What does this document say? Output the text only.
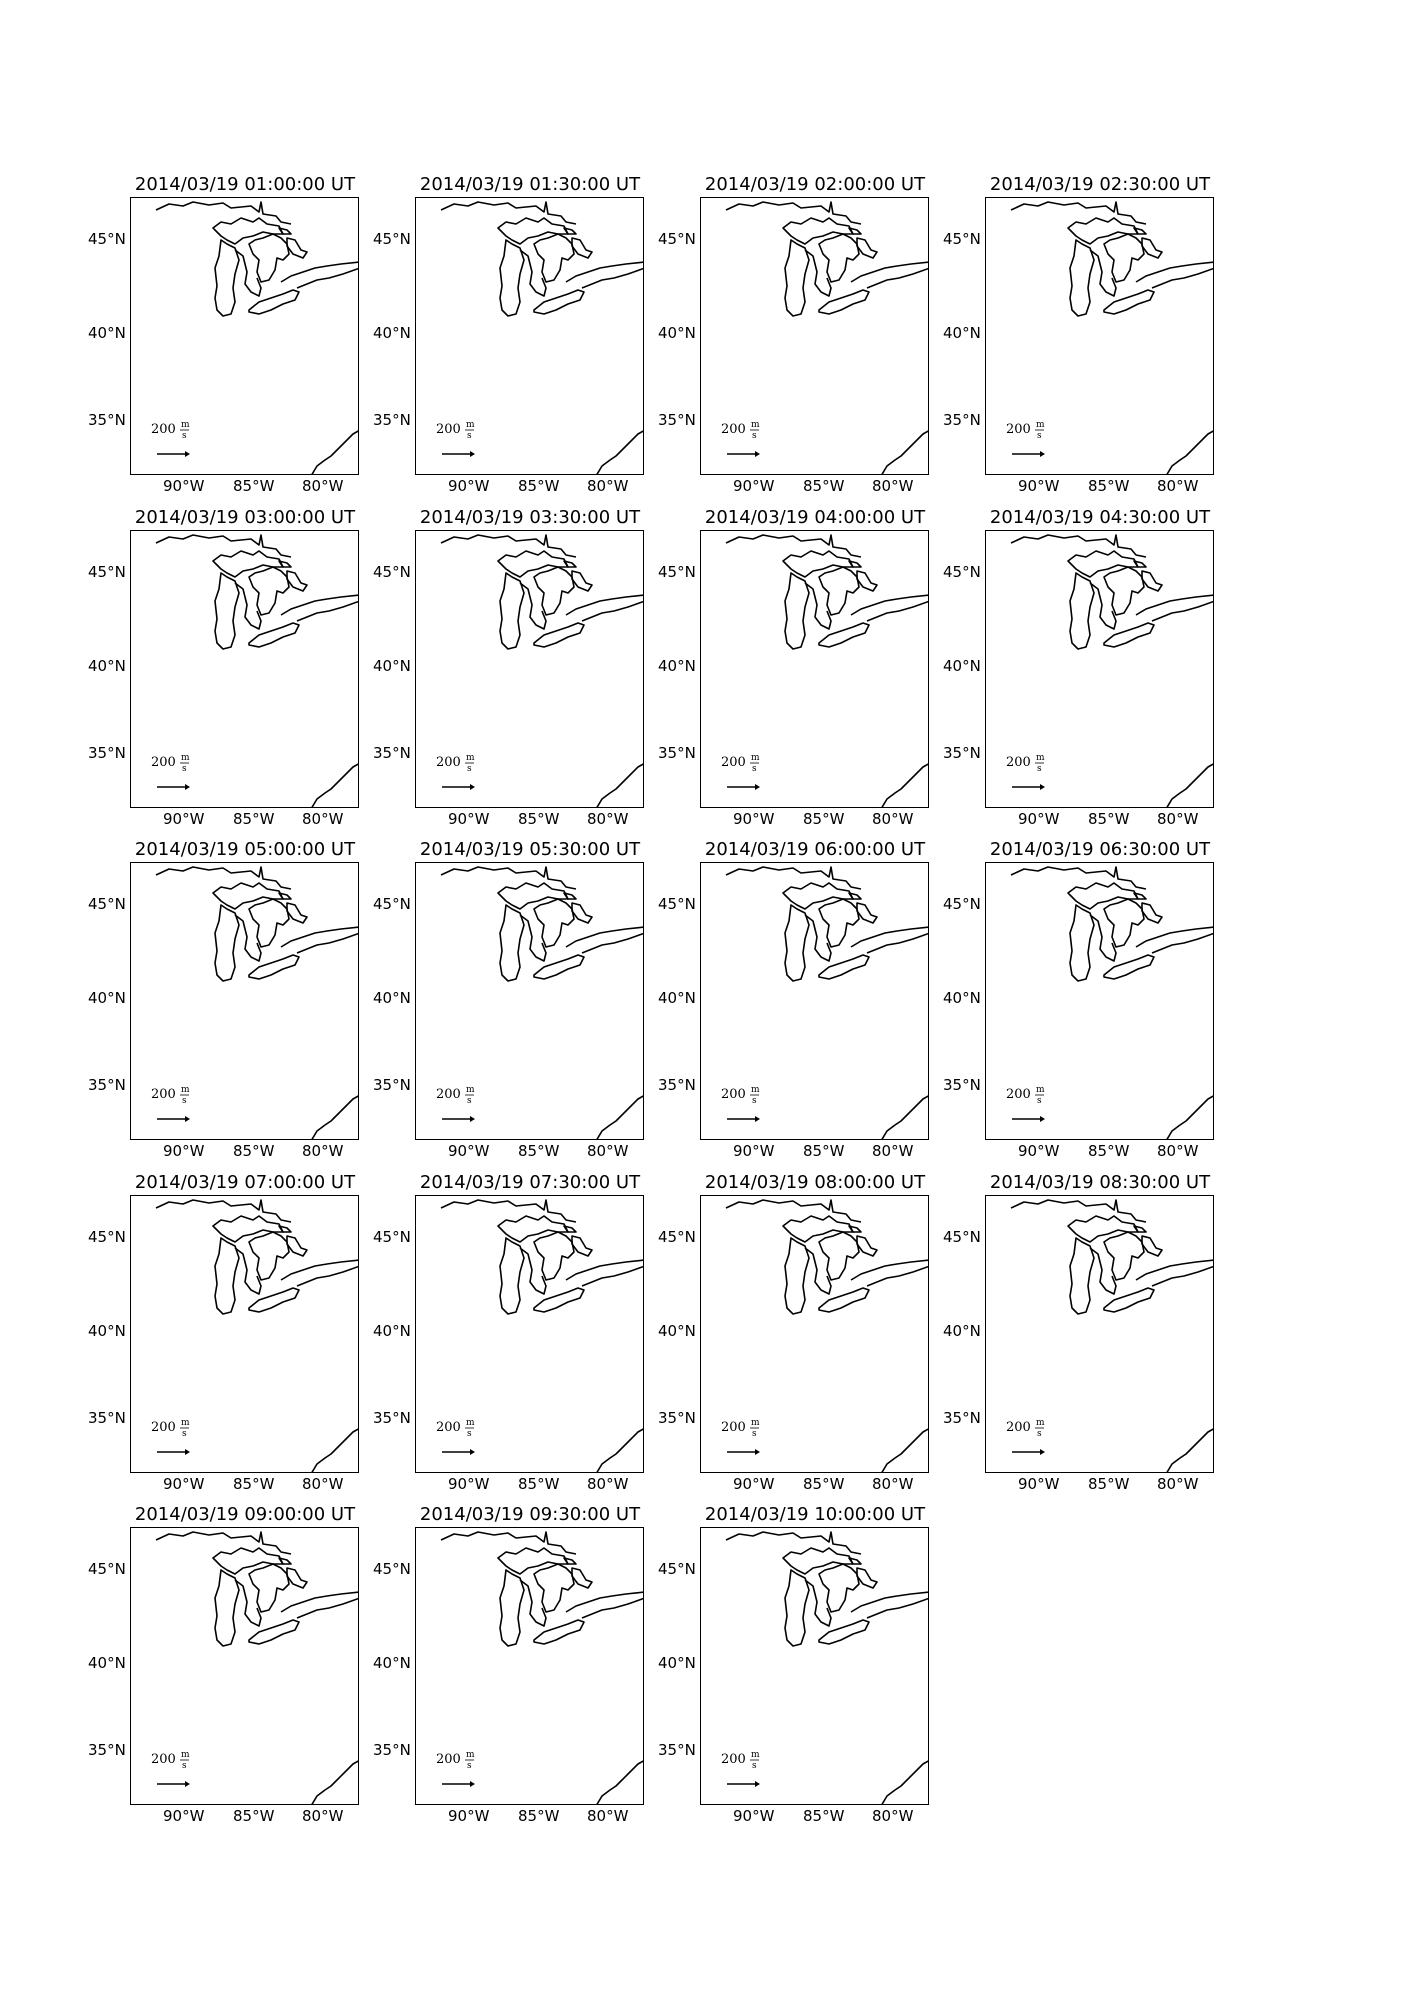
2014/03/19 01:00:00 UT
200 m
s
45°N
40°N
35°N
90°W 85°W 80°W
2014/03/19 01:30:00 UT
200 m
s
45°N
40°N
35°N
90°W 85°W 80°W
2014/03/19 02:00:00 UT
200 m
s
45°N
40°N
35°N
90°W 85°W 80°W
2014/03/19 02:30:00 UT
200 m
s
45°N
40°N
35°N
90°W 85°W 80°W
2014/03/19 03:00:00 UT
200 m
s
45°N
40°N
35°N
90°W 85°W 80°W
2014/03/19 03:30:00 UT
200 m
s
45°N
40°N
35°N
90°W 85°W 80°W
2014/03/19 04:00:00 UT
200 m
s
45°N
40°N
35°N
90°W 85°W 80°W
2014/03/19 04:30:00 UT
200 m
s
45°N
40°N
35°N
90°W 85°W 80°W
2014/03/19 05:00:00 UT
200 m
s
45°N
40°N
35°N
90°W 85°W 80°W
2014/03/19 05:30:00 UT
200 m
s
45°N
40°N
35°N
90°W 85°W 80°W
2014/03/19 06:00:00 UT
200 m
s
45°N
40°N
35°N
90°W 85°W 80°W
2014/03/19 06:30:00 UT
200 m
s
45°N
40°N
35°N
90°W 85°W 80°W
2014/03/19 07:00:00 UT
200 m
s
45°N
40°N
35°N
90°W 85°W 80°W
2014/03/19 07:30:00 UT
200 m
s
45°N
40°N
35°N
90°W 85°W 80°W
2014/03/19 08:00:00 UT
200 m
s
45°N
40°N
35°N
90°W 85°W 80°W
2014/03/19 08:30:00 UT
200 m
s
45°N
40°N
35°N
90°W 85°W 80°W
2014/03/19 09:00:00 UT
200 m
s
45°N
40°N
35°N
90°W 85°W 80°W
2014/03/19 09:30:00 UT
200 m
s
45°N
40°N
35°N
90°W 85°W 80°W
2014/03/19 10:00:00 UT
200 m
s
45°N
40°N
35°N
90°W 85°W 80°W
